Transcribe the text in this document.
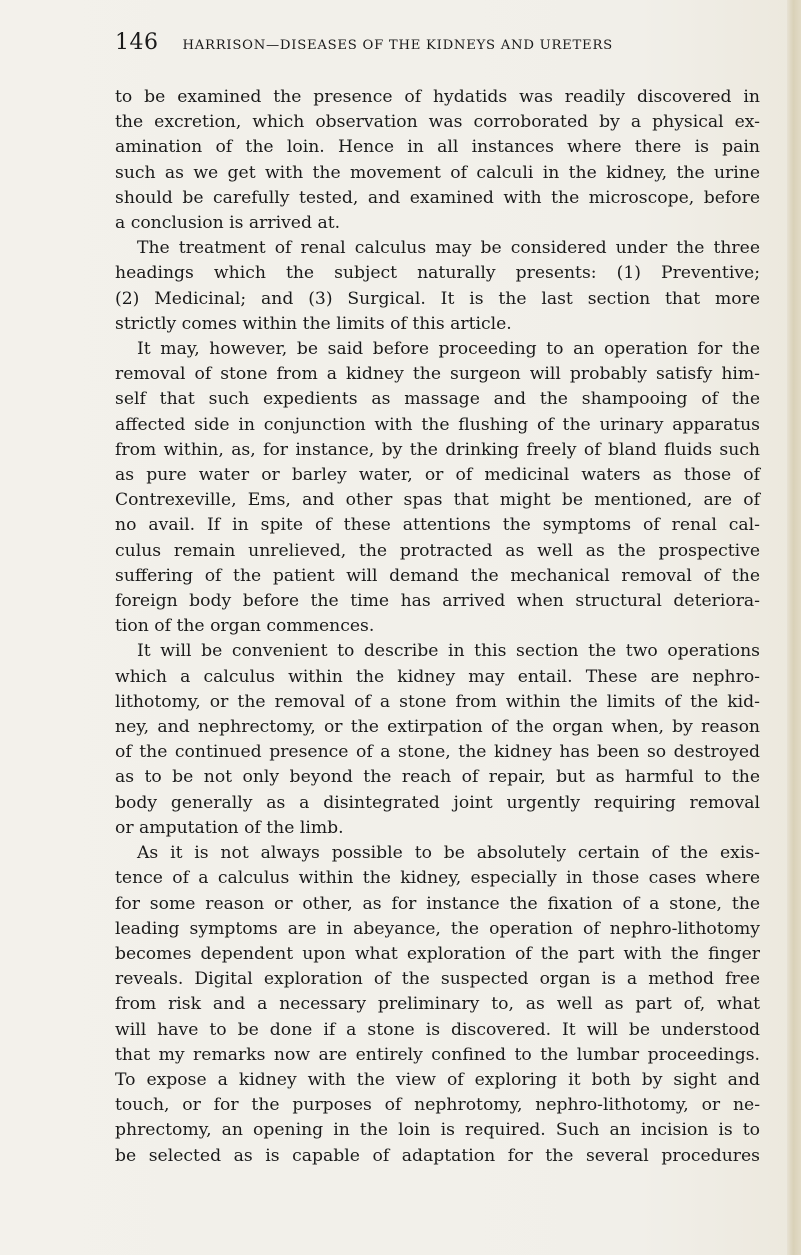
146 HARRISON—DISEASES OF THE KIDNEYS AND URETERS
to be examined the presence of hydatids was readily discovered in
the excretion, which observation was corroborated by a physical ex-
amination of the loin. Hence in all instances where there is pain
such as we get with the movement of calculi in the kidney, the urine
should be carefully tested, and examined with the microscope, before
a conclusion is arrived at.
The treatment of renal calculus may be considered under the three
headings which the subject naturally presents: (1) Preventive;
(2) Medicinal; and (3) Surgical. It is the last section that more
strictly comes within the limits of this article.
It may, however, be said before proceeding to an operation for the
removal of stone from a kidney the surgeon will probably satisfy him-
self that such expedients as massage and the shampooing of the
affected side in conjunction with the flushing of the urinary apparatus
from within, as, for instance, by the drinking freely of bland fluids such
as pure water or barley water, or of medicinal waters as those of
Contrexeville, Ems, and other spas that might be mentioned, are of
no avail. If in spite of these attentions the symptoms of renal cal-
culus remain unrelieved, the protracted as well as the prospective
suffering of the patient will demand the mechanical removal of the
foreign body before the time has arrived when structural deteriora-
tion of the organ commences.
It will be convenient to describe in this section the two operations
which a calculus within the kidney may entail. These are nephro-
lithotomy, or the removal of a stone from within the limits of the kid-
ney, and nephrectomy, or the extirpation of the organ when, by reason
of the continued presence of a stone, the kidney has been so destroyed
as to be not only beyond the reach of repair, but as harmful to the
body generally as a disintegrated joint urgently requiring removal
or amputation of the limb.
As it is not always possible to be absolutely certain of the exis-
tence of a calculus within the kidney, especially in those cases where
for some reason or other, as for instance the fixation of a stone, the
leading symptoms are in abeyance, the operation of nephro-lithotomy
becomes dependent upon what exploration of the part with the finger
reveals. Digital exploration of the suspected organ is a method free
from risk and a necessary preliminary to, as well as part of, what
will have to be done if a stone is discovered. It will be understood
that my remarks now are entirely confined to the lumbar proceedings.
To expose a kidney with the view of exploring it both by sight and
touch, or for the purposes of nephrotomy, nephro-lithotomy, or ne-
phrectomy, an opening in the loin is required. Such an incision is to
be selected as is capable of adaptation for the several procedures
